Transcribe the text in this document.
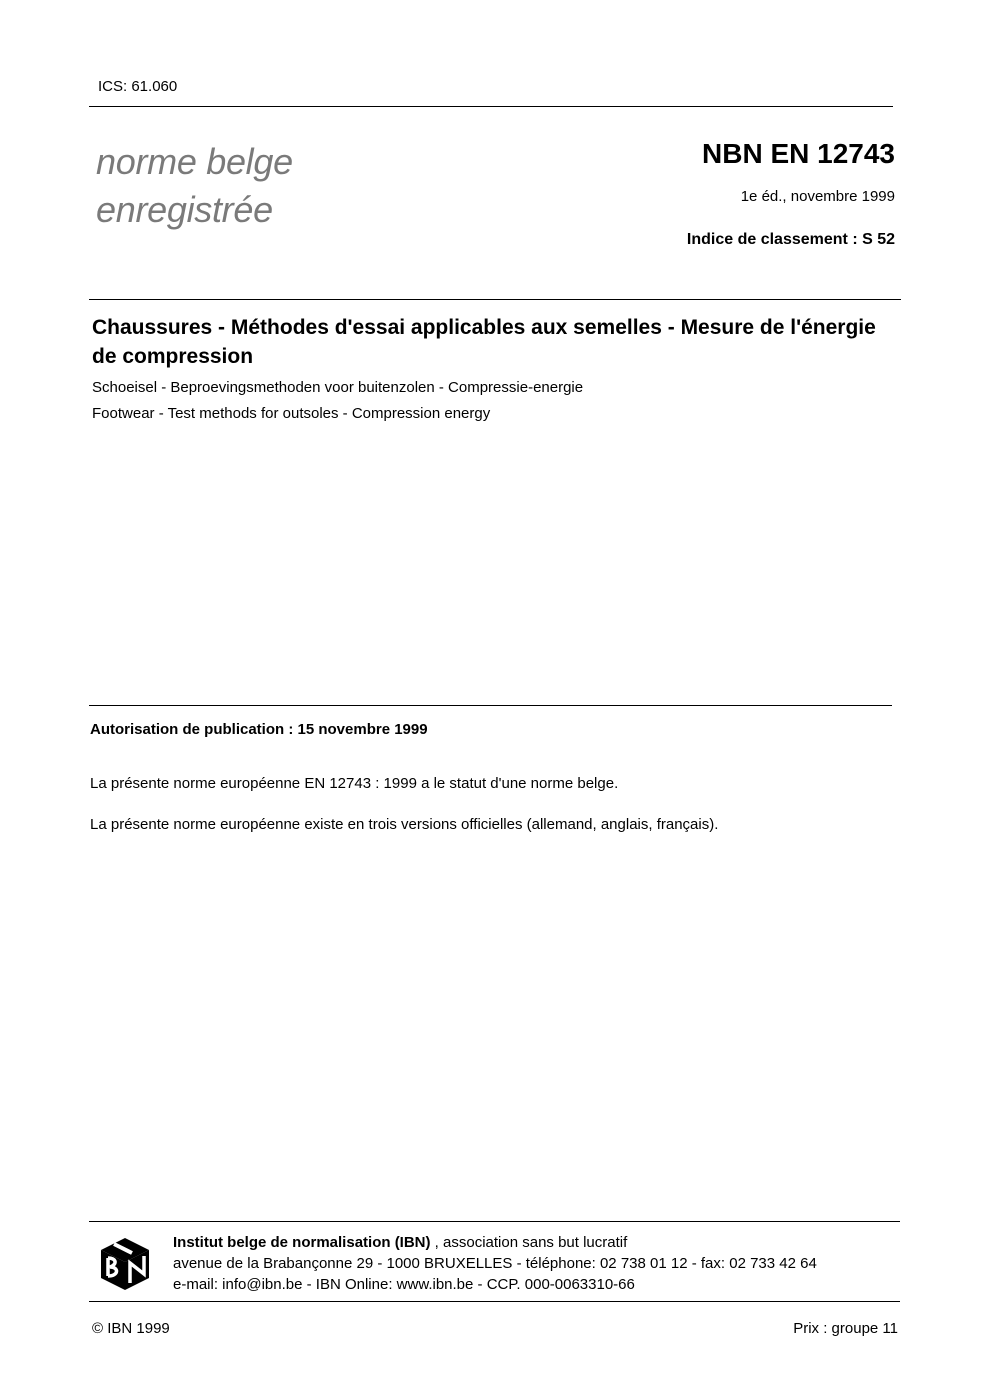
ICS: 61.060
norme belge
enregistrée
NBN EN 12743
1e éd., novembre 1999
Indice de classement : S 52
Chaussures - Méthodes d'essai applicables aux semelles - Mesure de l'énergie de compression
Schoeisel - Beproevingsmethoden voor buitenzolen - Compressie-energie
Footwear - Test methods for outsoles - Compression energy
Autorisation de publication : 15 novembre 1999
La présente norme européenne EN 12743 : 1999 a le statut d'une norme belge.
La présente norme européenne existe en trois versions officielles (allemand, anglais, français).
Institut belge de normalisation (IBN) , association sans but lucratif
avenue de la Brabançonne 29 - 1000 BRUXELLES - téléphone: 02 738 01 12 - fax: 02 733 42 64
e-mail: info@ibn.be - IBN Online: www.ibn.be - CCP. 000-0063310-66
© IBN 1999	Prix : groupe 11
